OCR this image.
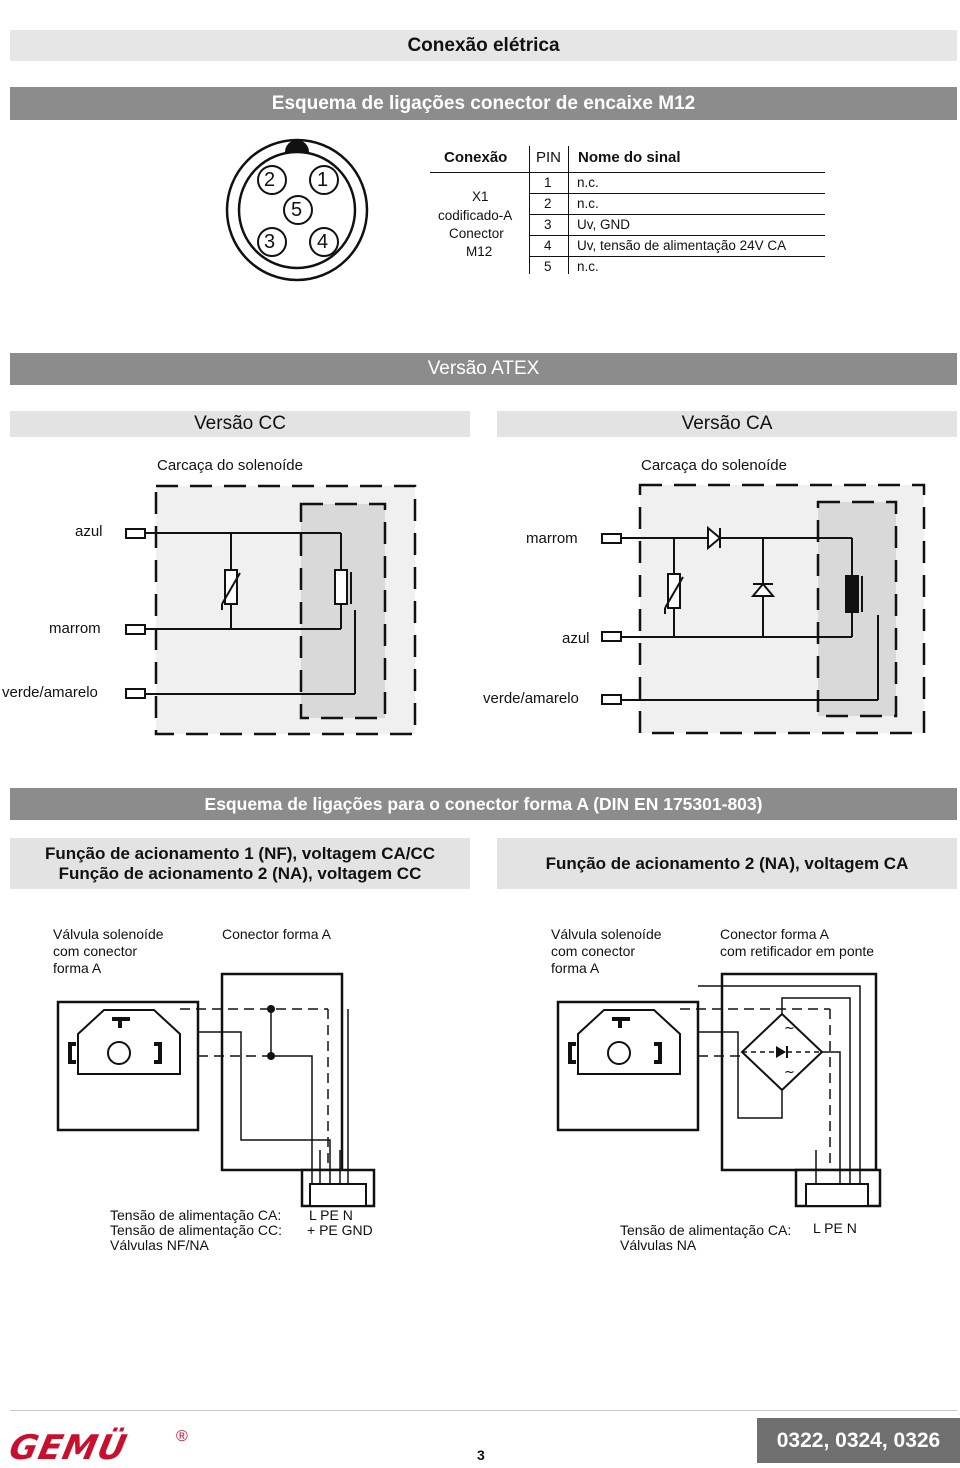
Conexão elétrica
Esquema de ligações conector de encaixe M12
2 1
5
3 4
Conexão PIN Nome do sinal
X1
codificado-A
Conector
M12
1 n.c.
2 n.c.
3 Uv, GND
4 Uv, tensão de alimentação 24V CA
5 n.c.
Versão ATEX
Versão CC	Versão CA
Carcaça do solenoíde	Carcaça do solenoíde
azul
marrom
verde/amarelo
marrom
azul
verde/amarelo
Esquema de ligações para o conector forma A (DIN EN 175301-803)
Função de acionamento 1 (NF), voltagem CA/CC
Função de acionamento 2 (NA), voltagem CC
Função de acionamento 2 (NA), voltagem CA
Válvula solenoíde
com conector
forma A
Conector forma A	Válvula solenoíde
com conector
forma A
Conector forma A
com retificador em ponte
Tensão de alimentação CA:
Tensão de alimentação CC:
Válvulas NF/NA
L PE N
+ PE GND
~
~
Tensão de alimentação CA:
Válvulas NA
L PE N
GEMÜ	®
3
0322, 0324, 0326
